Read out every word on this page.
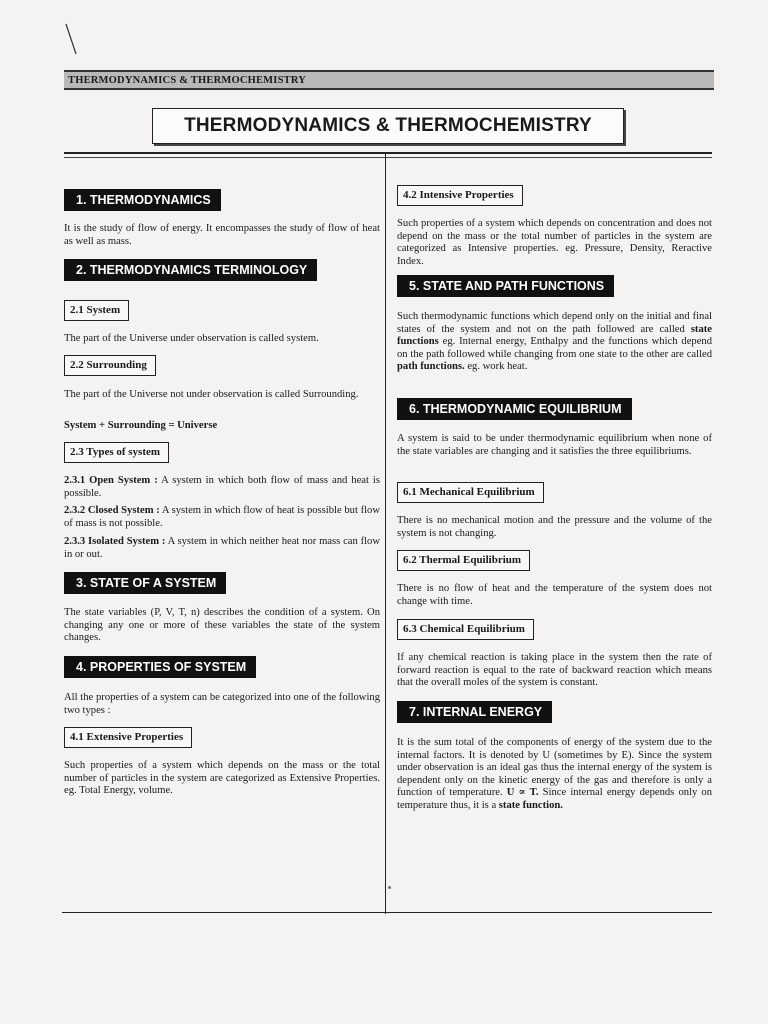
THERMODYNAMICS & THERMOCHEMISTRY
THERMODYNAMICS & THERMOCHEMISTRY
1. THERMODYNAMICS
It is the study of flow of energy. It encompasses the study of flow of heat as well as mass.
2. THERMODYNAMICS TERMINOLOGY
2.1 System
The part of the Universe under observation is called system.
2.2 Surrounding
The part of the Universe not under observation is called Surrounding.
System + Surrounding = Universe
2.3 Types of system
2.3.1 Open System : A system in which both flow of mass and heat is possible.
2.3.2 Closed System : A system in which flow of heat is possible but flow of mass is not possible.
2.3.3 Isolated System : A system in which neither heat nor mass can flow in or out.
3. STATE OF A SYSTEM
The state variables (P, V, T, n) describes the condition of a system. On changing any one or more of these variables the state of the system changes.
4. PROPERTIES OF SYSTEM
All the properties of a system can be categorized into one of the following two types :
4.1 Extensive Properties
Such properties of a system which depends on the mass or the total number of particles in the system are categorized as Extensive Properties. eg. Total Energy, volume.
4.2 Intensive Properties
Such properties of a system which depends on concentration and does not depend on the mass or the total number of particles in the system are categorized as Intensive properties. eg. Pressure, Density, Reractive Index.
5. STATE AND PATH FUNCTIONS
Such thermodynamic functions which depend only on the initial and final states of the system and not on the path followed are called state functions eg. Internal energy, Enthalpy and the functions which depend on the path followed while changing from one state to the other are called path functions. eg. work heat.
6. THERMODYNAMIC EQUILIBRIUM
A system is said to be under thermodynamic equilibrium when none of the state variables are changing and it satisfies the three equilibriums.
6.1 Mechanical Equilibrium
There is no mechanical motion and the pressure and the volume of the system is not changing.
6.2 Thermal Equilibrium
There is no flow of heat and the temperature of the system does not change with time.
6.3 Chemical Equilibrium
If any chemical reaction is taking place in the system then the rate of forward reaction is equal to the rate of backward reaction which means that the overall moles of the system is constant.
7. INTERNAL ENERGY
It is the sum total of the components of energy of the system due to the internal factors. It is denoted by U (sometimes by E). Since the system under observation is an ideal gas thus the internal energy of the system is dependent only on the kinetic energy of the gas and therefore is only a function of temperature. U ∝ T. Since internal energy depends only on temperature thus, it is a state function.
